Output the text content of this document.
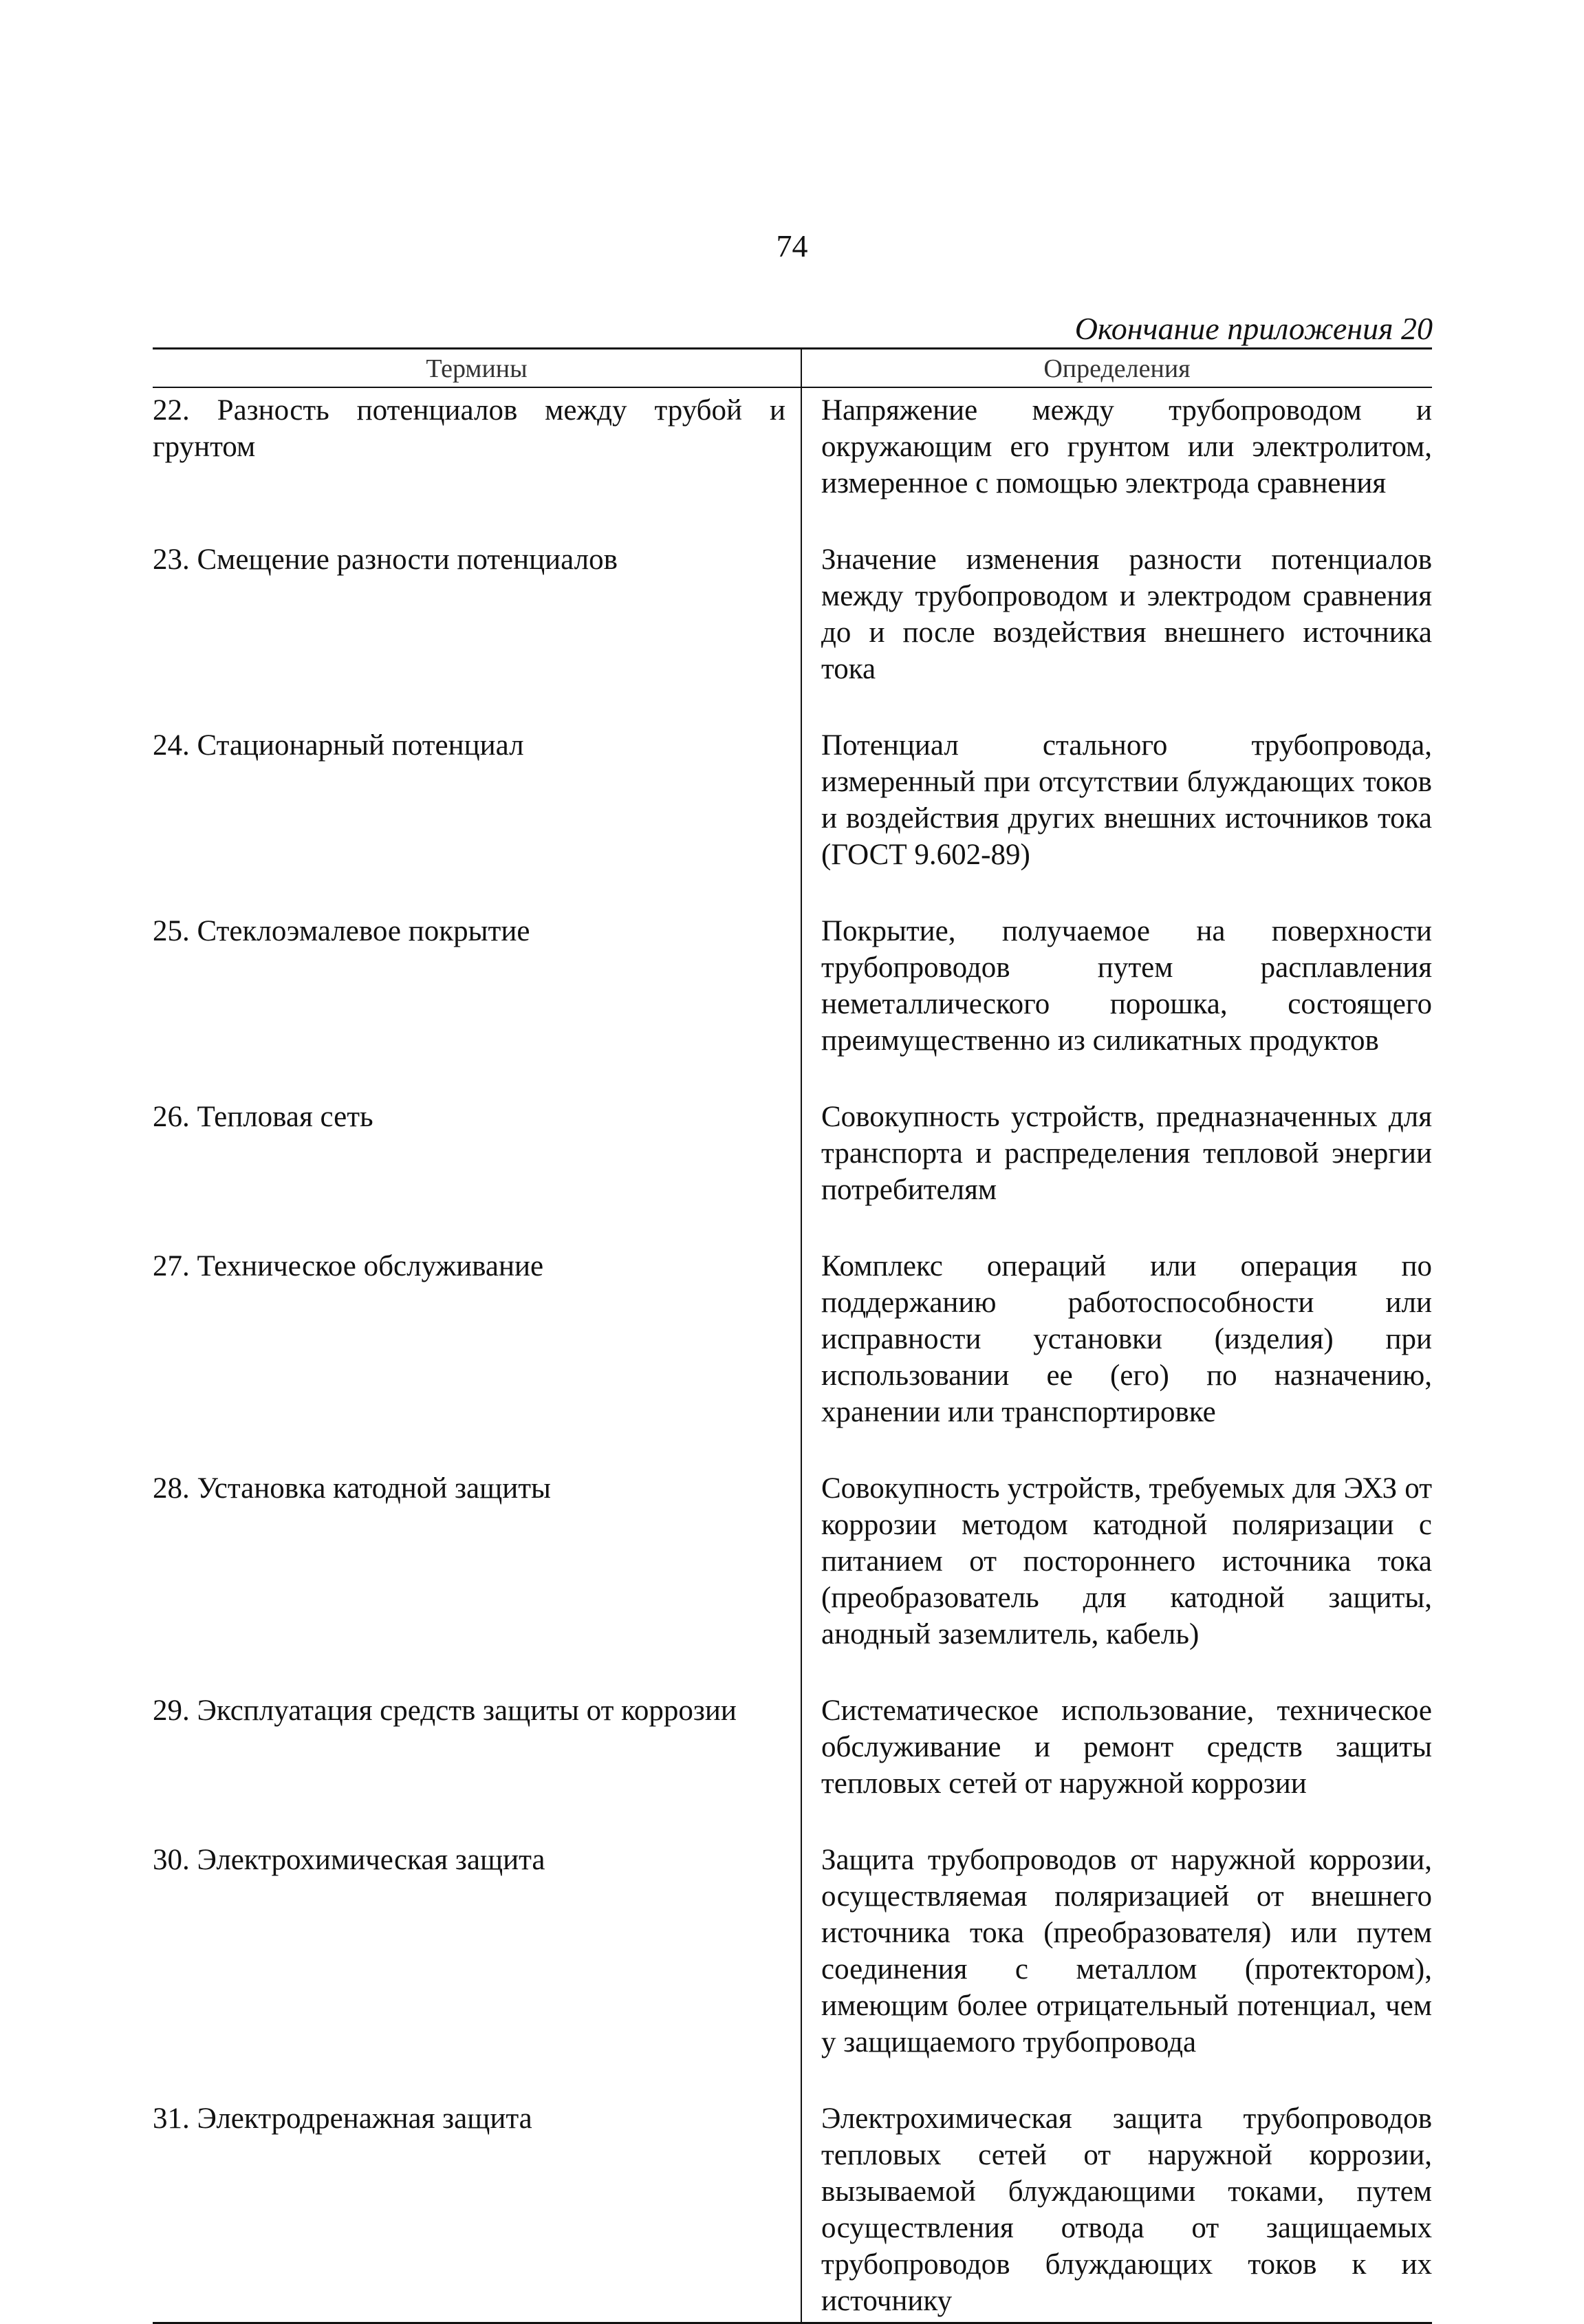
74
Окончание приложения 20
Термины	Определения
22. Разность потенциалов между трубой и грунтом	Напряжение между трубопроводом и окружающим его грунтом или электролитом, измеренное с помощью электрода сравнения
23. Смещение разности потенциалов	Значение изменения разности потенциалов между трубопроводом и электродом сравнения до и после воздействия внешнего источника тока
24. Стационарный потенциал	Потенциал стального трубопровода, измеренный при отсутствии блуждающих токов и воздействия других внешних источников тока (ГОСТ 9.602-89)
25. Стеклоэмалевое покрытие	Покрытие, получаемое на поверхности трубопроводов путем расплавления неметаллического порошка, состоящего преимущественно из силикатных продуктов
26. Тепловая сеть	Совокупность устройств, предназначенных для транспорта и распределения тепловой энергии потребителям
27. Техническое обслуживание	Комплекс операций или операция по поддержанию работоспособности или исправности установки (изделия) при использовании ее (его) по назначению, хранении или транспортировке
28. Установка катодной защиты	Совокупность устройств, требуемых для ЭХЗ от коррозии методом катодной поляризации с питанием от постороннего источника тока (преобразователь для катодной защиты, анодный заземлитель, кабель)
29. Эксплуатация средств защиты от коррозии	Систематическое использование, техническое обслуживание и ремонт средств защиты тепловых сетей от наружной коррозии
30. Электрохимическая защита	Защита трубопроводов от наружной коррозии, осуществляемая поляризацией от внешнего источника тока (преобразователя) или путем соединения с металлом (протектором), имеющим более отрицательный потенциал, чем у защищаемого трубопровода
31. Электродренажная защита	Электрохимическая защита трубопроводов тепловых сетей от наружной коррозии, вызываемой блуждающими токами, путем осуществления отвода от защищаемых трубопроводов блуждающих токов к их источнику
